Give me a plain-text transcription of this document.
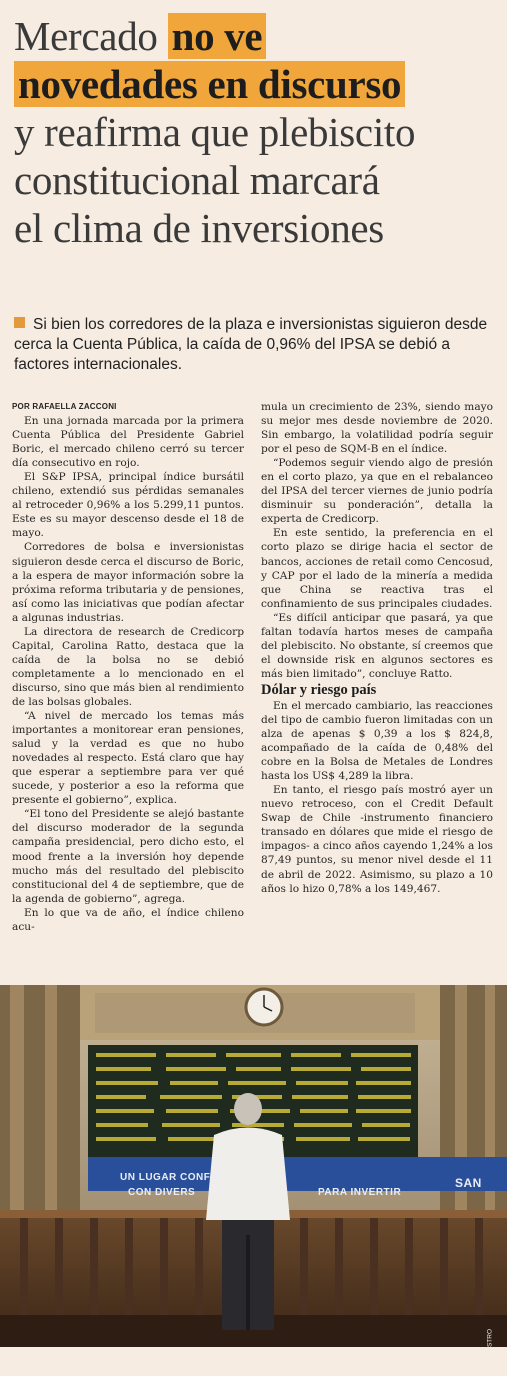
Mercado no ve
novedades en discurso
y reafirma que plebiscito
constitucional marcará
el clima de inversiones
Si bien los corredores de la plaza e inversionistas siguieron desde cerca la Cuenta Pública, la caída de 0,96% del IPSA se debió a factores internacionales.

POR RAFAELLA ZACCONI

En una jornada marcada por la primera Cuenta Pública del Presidente Gabriel Boric, el mercado chileno cerró su tercer día consecutivo en rojo.

El S&P IPSA, principal índice bursátil chileno, extendió sus pérdidas semanales al retroceder 0,96% a los 5.299,11 puntos. Este es su mayor descenso desde el 18 de mayo.

Corredores de bolsa e inversionistas siguieron desde cerca el discurso de Boric, a la espera de mayor información sobre la próxima reforma tributaria y de pensiones, así como las iniciativas que podían afectar a algunas industrias.

La directora de research de Credicorp Capital, Carolina Ratto, destaca que la caída de la bolsa no se debió completamente a lo mencionado en el discurso, sino que más bien al rendimiento de las bolsas globales.

“A nivel de mercado los temas más importantes a monitorear eran pensiones, salud y la verdad es que no hubo novedades al respecto. Está claro que hay que esperar a septiembre para ver qué sucede, y posterior a eso la reforma que presente el gobierno”, explica.

“El tono del Presidente se alejó bastante del discurso moderador de la segunda campaña presidencial, pero dicho esto, el mood frente a la inversión hoy depende mucho más del resultado del plebiscito constitucional del 4 de septiembre, que de la agenda de gobierno”, agrega.

En lo que va de año, el índice chileno acu-

mula un crecimiento de 23%, siendo mayo su mejor mes desde noviembre de 2020. Sin embargo, la volatilidad podría seguir por el peso de SQM-B en el índice.

“Podemos seguir viendo algo de presión en el corto plazo, ya que en el rebalanceo del IPSA del tercer viernes de junio podría disminuir su ponderación”, detalla la experta de Credicorp.

En este sentido, la preferencia en el corto plazo se dirige hacia el sector de bancos, acciones de retail como Cencosud, y CAP por el lado de la minería a medida que China se reactiva tras el confinamiento de sus principales ciudades.

“Es difícil anticipar que pasará, ya que faltan todavía hartos meses de campaña del plebiscito. No obstante, sí creemos que el downside risk en algunos sectores es más bien limitado”, concluye Ratto.

Dólar y riesgo país

En el mercado cambiario, las reacciones del tipo de cambio fueron limitadas con un alza de apenas $ 0,39 a los $ 824,8, acompañado de la caída de 0,48% del cobre en la Bolsa de Metales de Londres hasta los US$ 4,289 la libra.

En tanto, el riesgo país mostró ayer un nuevo retroceso, con el Credit Default Swap de Chile -instrumento financiero transado en dólares que mide el riesgo de impagos- a cinco años cayendo 1,24% a los 87,49 puntos, su menor nivel desde el 11 de abril de 2022. Asimismo, su plazo a 10 años lo hizo 0,78% a los 149,467.

UN LUGAR CONFIA
CON DIVERS	PARA INVERTIR
SAN
JULIO CASTRO
